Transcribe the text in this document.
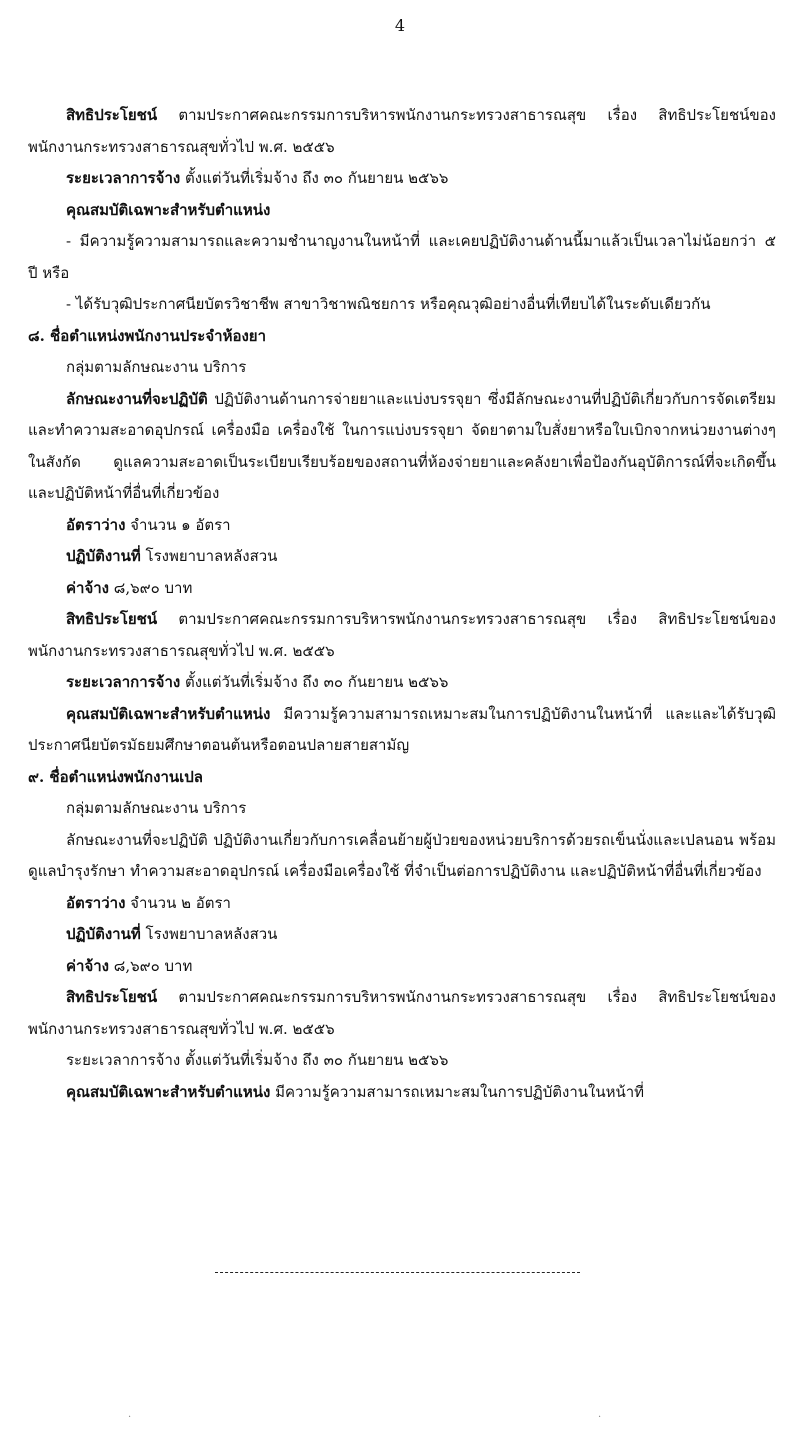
4

สิทธิประโยชน์ ตามประกาศคณะกรรมการบริหารพนักงานกระทรวงสาธารณสุข เรื่อง สิทธิประโยชน์ของพนักงานกระทรวงสาธารณสุขทั่วไป พ.ศ. ๒๕๕๖

ระยะเวลาการจ้าง ตั้งแต่วันที่เริ่มจ้าง ถึง ๓๐ กันยายน ๒๕๖๖

คุณสมบัติเฉพาะสำหรับตำแหน่ง

- มีความรู้ความสามารถและความชำนาญงานในหน้าที่ และเคยปฏิบัติงานด้านนี้มาแล้วเป็นเวลาไม่น้อยกว่า ๕ ปี หรือ

- ได้รับวุฒิประกาศนียบัตรวิชาชีพ สาขาวิชาพณิชยการ หรือคุณวุฒิอย่างอื่นที่เทียบได้ในระดับเดียวกัน

๘. ชื่อตำแหน่งพนักงานประจำห้องยา

กลุ่มตามลักษณะงาน บริการ

ลักษณะงานที่จะปฏิบัติ ปฏิบัติงานด้านการจ่ายยาและแบ่งบรรจุยา ซึ่งมีลักษณะงานที่ปฏิบัติเกี่ยวกับการจัดเตรียมและทำความสะอาดอุปกรณ์ เครื่องมือ เครื่องใช้ ในการแบ่งบรรจุยา จัดยาตามใบสั่งยาหรือใบเบิกจากหน่วยงานต่างๆ ในสังกัด ดูแลความสะอาดเป็นระเบียบเรียบร้อยของสถานที่ห้องจ่ายยาและคลังยาเพื่อป้องกันอุบัติการณ์ที่จะเกิดขึ้น และปฏิบัติหน้าที่อื่นที่เกี่ยวข้อง

อัตราว่าง จำนวน ๑ อัตรา

ปฏิบัติงานที่ โรงพยาบาลหลังสวน

ค่าจ้าง ๘,๖๙๐ บาท

สิทธิประโยชน์ ตามประกาศคณะกรรมการบริหารพนักงานกระทรวงสาธารณสุข เรื่อง สิทธิประโยชน์ของพนักงานกระทรวงสาธารณสุขทั่วไป พ.ศ. ๒๕๕๖

ระยะเวลาการจ้าง ตั้งแต่วันที่เริ่มจ้าง ถึง ๓๐ กันยายน ๒๕๖๖

คุณสมบัติเฉพาะสำหรับตำแหน่ง มีความรู้ความสามารถเหมาะสมในการปฏิบัติงานในหน้าที่ และและได้รับวุฒิประกาศนียบัตรมัธยมศึกษาตอนต้นหรือตอนปลายสายสามัญ

๙. ชื่อตำแหน่งพนักงานเปล

กลุ่มตามลักษณะงาน บริการ

ลักษณะงานที่จะปฏิบัติ ปฏิบัติงานเกี่ยวกับการเคลื่อนย้ายผู้ป่วยของหน่วยบริการด้วยรถเข็นนั่งและเปลนอน พร้อมดูแลบำรุงรักษา ทำความสะอาดอุปกรณ์ เครื่องมือเครื่องใช้ ที่จำเป็นต่อการปฏิบัติงาน และปฏิบัติหน้าที่อื่นที่เกี่ยวข้อง

อัตราว่าง จำนวน ๒ อัตรา

ปฏิบัติงานที่ โรงพยาบาลหลังสวน

ค่าจ้าง ๘,๖๙๐ บาท

สิทธิประโยชน์ ตามประกาศคณะกรรมการบริหารพนักงานกระทรวงสาธารณสุข เรื่อง สิทธิประโยชน์ของพนักงานกระทรวงสาธารณสุขทั่วไป พ.ศ. ๒๕๕๖

ระยะเวลาการจ้าง ตั้งแต่วันที่เริ่มจ้าง ถึง ๓๐ กันยายน ๒๕๖๖

คุณสมบัติเฉพาะสำหรับตำแหน่ง มีความรู้ความสามารถเหมาะสมในการปฏิบัติงานในหน้าที่

·	·
